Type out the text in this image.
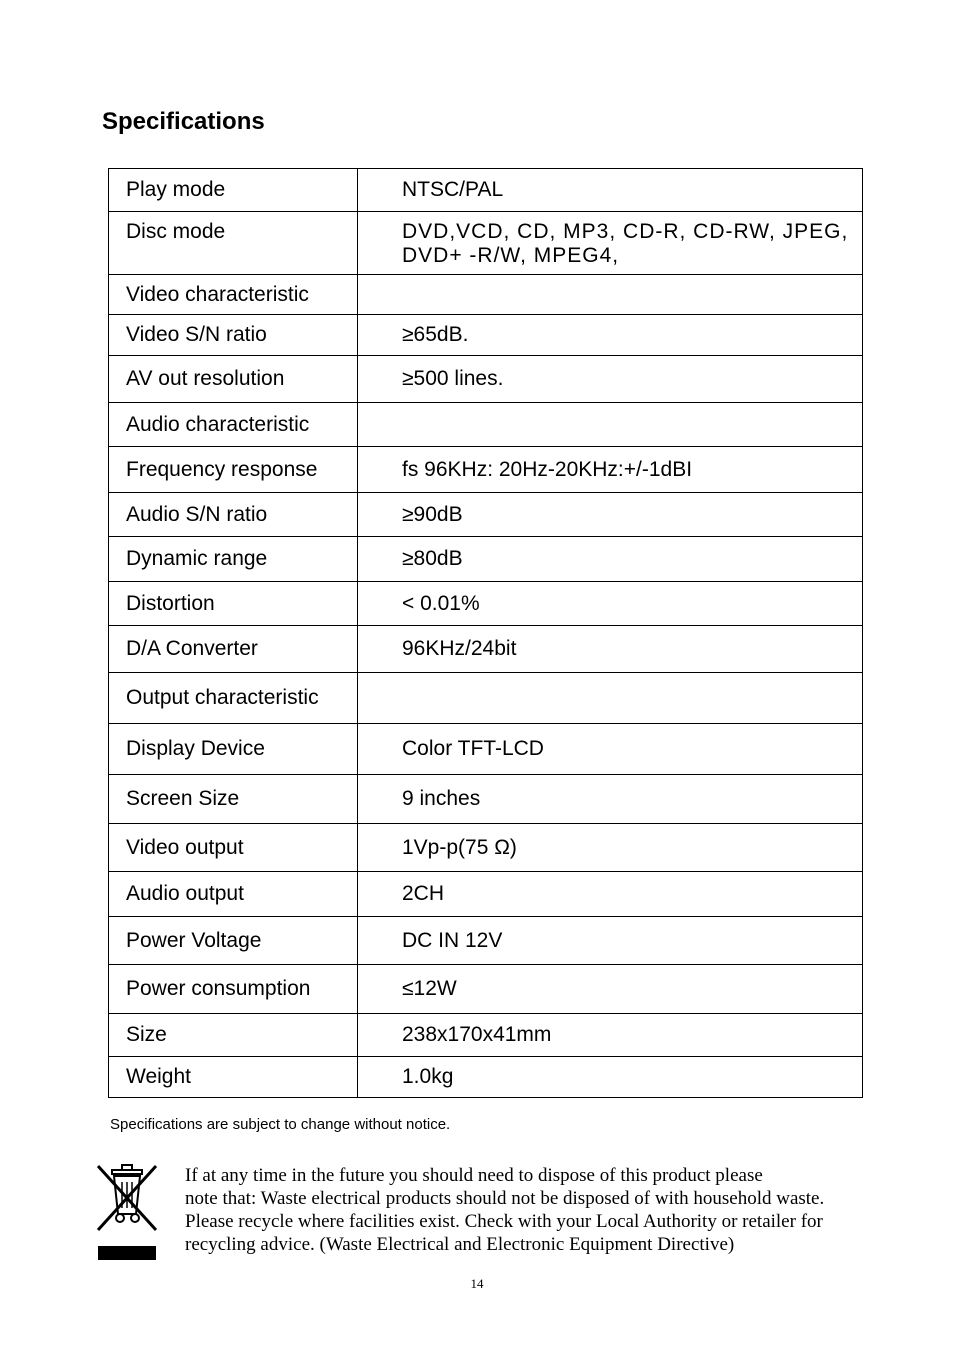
Specifications
Play mode	NTSC/PAL
Disc mode	DVD,VCD, CD, MP3, CD-R, CD-RW, JPEG, DVD+ -R/W, MPEG4,
Video characteristic	
Video S/N ratio	≥65dB.
AV out resolution	≥500 lines.
Audio characteristic	
Frequency response	fs 96KHz: 20Hz-20KHz:+/-1dBI
Audio S/N ratio	≥90dB
Dynamic range	≥80dB
Distortion	< 0.01%
D/A Converter	96KHz/24bit
Output characteristic	
Display Device	Color TFT-LCD
Screen Size	9 inches
Video output	1Vp-p(75 Ω)
Audio output	2CH
Power Voltage	DC IN 12V
Power consumption	≤12W
Size	238x170x41mm
Weight	1.0kg

Specifications are subject to change without notice.

If at any time in the future you should need to dispose of this product please
note that: Waste electrical products should not be disposed of with household waste.
Please recycle where facilities exist. Check with your Local Authority or retailer for
recycling advice. (Waste Electrical and Electronic Equipment Directive)
14
